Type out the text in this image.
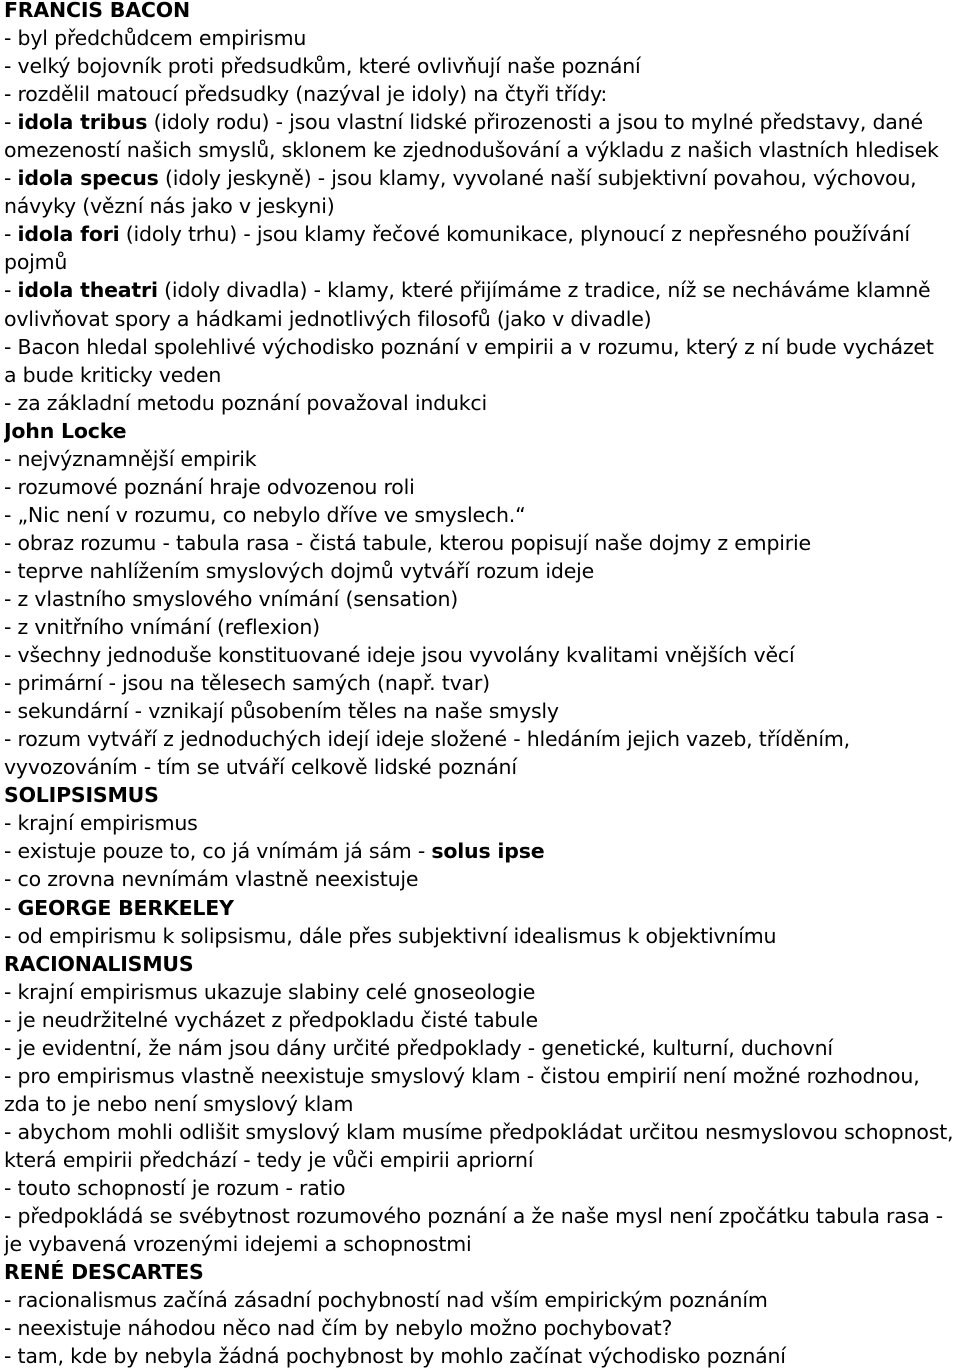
FRANCIS BACON
- byl předchůdcem empirismu
- velký bojovník proti předsudkům, které ovlivňují naše poznání
- rozdělil matoucí předsudky (nazýval je idoly) na čtyři třídy:
- idola tribus (idoly rodu) - jsou vlastní lidské přirozenosti a jsou to mylné představy, dané
omezeností našich smyslů, sklonem ke zjednodušování a výkladu z našich vlastních hledisek
- idola specus (idoly jeskyně) - jsou klamy, vyvolané naší subjektivní povahou, výchovou,
návyky (vězní nás jako v jeskyni)
- idola fori (idoly trhu) - jsou klamy řečové komunikace, plynoucí z nepřesného používání
pojmů
- idola theatri (idoly divadla) - klamy, které přijímáme z tradice, níž se necháváme klamně
ovlivňovat spory a hádkami jednotlivých filosofů (jako v divadle)
- Bacon hledal spolehlivé východisko poznání v empirii a v rozumu, který z ní bude vycházet
a bude kriticky veden
- za základní metodu poznání považoval indukci
John Locke
- nejvýznamnější empirik
- rozumové poznání hraje odvozenou roli
- „Nic není v rozumu, co nebylo dříve ve smyslech.“
- obraz rozumu - tabula rasa - čistá tabule, kterou popisují naše dojmy z empirie
- teprve nahlížením smyslových dojmů vytváří rozum ideje
- z vlastního smyslového vnímání (sensation)
- z vnitřního vnímání (reflexion)
- všechny jednoduše konstituované ideje jsou vyvolány kvalitami vnějších věcí
- primární - jsou na tělesech samých (např. tvar)
- sekundární - vznikají působením těles na naše smysly
- rozum vytváří z jednoduchých idejí ideje složené - hledáním jejich vazeb, tříděním,
vyvozováním - tím se utváří celkově lidské poznání
SOLIPSISMUS
- krajní empirismus
- existuje pouze to, co já vnímám já sám - solus ipse
- co zrovna nevnímám vlastně neexistuje
- GEORGE BERKELEY
- od empirismu k solipsismu, dále přes subjektivní idealismus k objektivnímu
RACIONALISMUS
- krajní empirismus ukazuje slabiny celé gnoseologie
- je neudržitelné vycházet z předpokladu čisté tabule
- je evidentní, že nám jsou dány určité předpoklady - genetické, kulturní, duchovní
- pro empirismus vlastně neexistuje smyslový klam - čistou empirií není možné rozhodnou,
zda to je nebo není smyslový klam
- abychom mohli odlišit smyslový klam musíme předpokládat určitou nesmyslovou schopnost,
která empirii předchází - tedy je vůči empirii apriorní
- touto schopností je rozum - ratio
- předpokládá se svébytnost rozumového poznání a že naše mysl není zpočátku tabula rasa -
je vybavená vrozenými idejemi a schopnostmi
RENÉ DESCARTES
- racionalismus začíná zásadní pochybností nad vším empirickým poznáním
- neexistuje náhodou něco nad čím by nebylo možno pochybovat?
- tam, kde by nebyla žádná pochybnost by mohlo začínat východisko poznání
